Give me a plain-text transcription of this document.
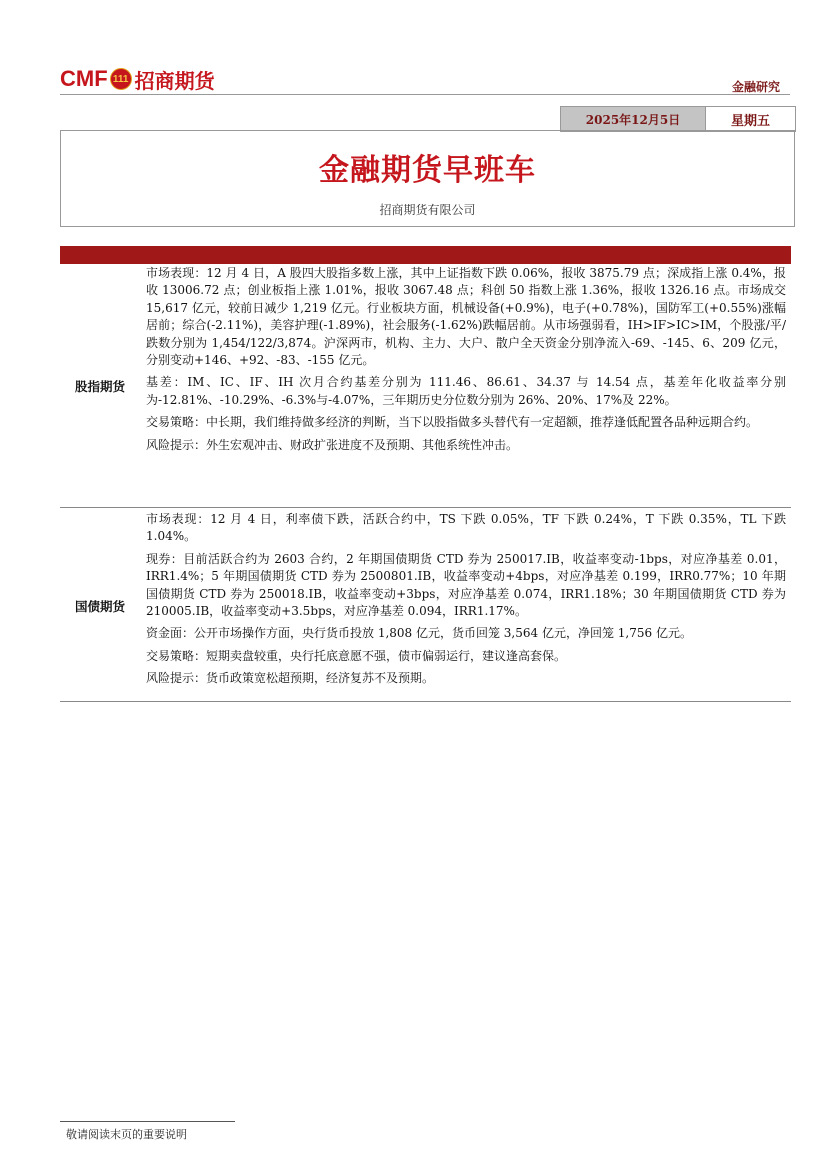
CMF 111 招商期货	金融研究
2025年12月5日	星期五
金融期货早班车
招商期货有限公司
股指期货

市场表现：12 月 4 日，A 股四大股指多数上涨，其中上证指数下跌 0.06%，报收 3875.79 点；深成指上涨 0.4%，报收 13006.72 点；创业板指上涨 1.01%，报收 3067.48 点；科创 50 指数上涨 1.36%，报收 1326.16 点。市场成交 15,617 亿元，较前日减少 1,219 亿元。行业板块方面，机械设备(+0.9%)，电子(+0.78%)，国防军工(+0.55%)涨幅居前；综合(-2.11%)，美容护理(-1.89%)，社会服务(-1.62%)跌幅居前。从市场强弱看，IH>IF>IC>IM，个股涨/平/跌数分别为 1,454/122/3,874。沪深两市，机构、主力、大户、散户全天资金分别净流入-69、-145、6、209 亿元，分别变动+146、+92、-83、-155 亿元。

基差：IM、IC、IF、IH 次月合约基差分别为 111.46、86.61、34.37 与 14.54 点，基差年化收益率分别为-12.81%、-10.29%、-6.3%与-4.07%，三年期历史分位数分别为 26%、20%、17%及 22%。

交易策略：中长期，我们维持做多经济的判断，当下以股指做多头替代有一定超额，推荐逢低配置各品种远期合约。

风险提示：外生宏观冲击、财政扩张进度不及预期、其他系统性冲击。

国债期货

市场表现：12 月 4 日，利率债下跌，活跃合约中，TS 下跌 0.05%，TF 下跌 0.24%，T 下跌 0.35%，TL 下跌 1.04%。

现券：目前活跃合约为 2603 合约，2 年期国债期货 CTD 券为 250017.IB，收益率变动-1bps，对应净基差 0.01，IRR1.4%；5 年期国债期货 CTD 券为 2500801.IB，收益率变动+4bps，对应净基差 0.199，IRR0.77%；10 年期国债期货 CTD 券为 250018.IB，收益率变动+3bps，对应净基差 0.074，IRR1.18%；30 年期国债期货 CTD 券为 210005.IB，收益率变动+3.5bps，对应净基差 0.094，IRR1.17%。

资金面：公开市场操作方面，央行货币投放 1,808 亿元，货币回笼 3,564 亿元，净回笼 1,756 亿元。

交易策略：短期卖盘较重，央行托底意愿不强，债市偏弱运行，建议逢高套保。

风险提示：货币政策宽松超预期，经济复苏不及预期。

敬请阅读末页的重要说明
